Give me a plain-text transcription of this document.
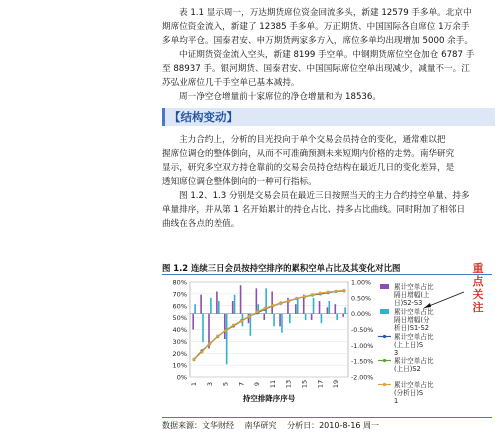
表 1.1 显示周一，万达期货席位资金回流多头，新建 12579 手多单。北京中
期席位资金流入，新建了 12385 手多单。万正期货、中国国际各自席位 1万余手
多单均平仓。国泰君安、申万期货两家多方入，席位多单均出现增加 5000 余手。
中证期货资金流入空头，新建 8199 手空单。中钢期货席位空仓加仓 6787 手
至 88937 手。银河期货、国泰君安、中国国际席位空单出现减少，减量不一。江
苏弘业席位几千手空单已基本减持。
周一净空仓增量前十家席位的净仓增量和为 18536。
【结构变动】
主力合约上，分析的目光投向于单个交易会员持仓的变化，通常难以把
握席位调仓的整体倒向，从而不可准确预测未来短期内价格的走势。南华研究
显示，研究多空双方持仓靠前的交易会员持仓结构在最近几日的变化差异，是
透知席位调仓整体倒向的一种可行指标。
图 1.2、1.3 分别是交易会员在最近三日按照当天的主力合约持空单量、持多
单量排序，并从第 1 名开始累计的持仓占比、持多占比曲线。同时附加了相邻日
曲线在各点的差值。
图 1.2 连续三日会员按持空排序的累积空单占比及其变化对比图
0%
10%
20%
30%
40%
50%
60%
70%
80%
-2.00%
-1.50%
-1.00%
-0.50%
0.00%
0.50%
1.00%
1 3 5 7 9 11 13 15 17 19
持空排降序序号
累计空单占比隔日增幅(上日)S2-S3
累计空单占比隔日增幅(分析日)S1-S2
累计空单占比(上上日)S 3
累计空单占比(上日)S2
累计空单占比(分析日)S 1
重点关注
数据来源：文华财经 南华研究 分析日：2010-8-16 周一
